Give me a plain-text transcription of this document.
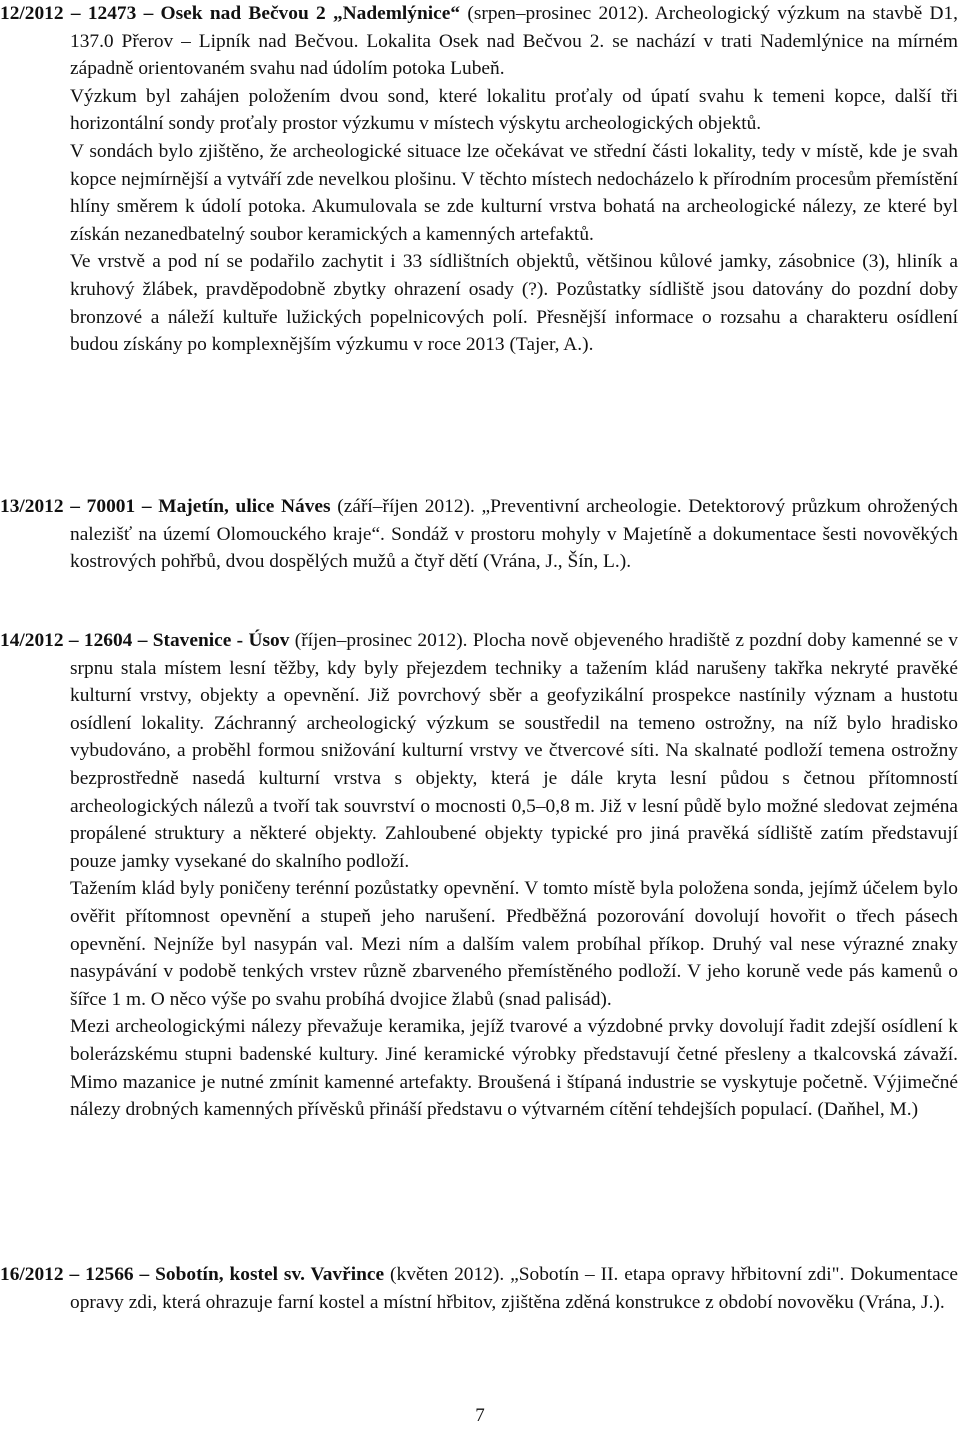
12/2012 – 12473 – Osek nad Bečvou 2 „Nademlýnice“ (srpen–prosinec 2012). Archeologický výzkum na stavbě D1, 137.0 Přerov – Lipník nad Bečvou. Lokalita Osek nad Bečvou 2. se nachází v trati Nademlýnice na mírném západně orientovaném svahu nad údolím potoka Lubeň.

Výzkum byl zahájen položením dvou sond, které lokalitu proťaly od úpatí svahu k temeni kopce, další tři horizontální sondy proťaly prostor výzkumu v místech výskytu archeologických objektů.

V sondách bylo zjištěno, že archeologické situace lze očekávat ve střední části lokality, tedy v místě, kde je svah kopce nejmírnější a vytváří zde nevelkou plošinu. V těchto místech nedocházelo k přírodním procesům přemístění hlíny směrem k údolí potoka. Akumulovala se zde kulturní vrstva bohatá na archeologické nálezy, ze které byl získán nezanedbatelný soubor keramických a kamenných artefaktů.

Ve vrstvě a pod ní se podařilo zachytit i 33 sídlištních objektů, většinou kůlové jamky, zásobnice (3), hliník a kruhový žlábek, pravděpodobně zbytky ohrazení osady (?). Pozůstatky sídliště jsou datovány do pozdní doby bronzové a náleží kultuře lužických popelnicových polí. Přesnější informace o rozsahu a charakteru osídlení budou získány po komplexnějším výzkumu v roce 2013 (Tajer, A.).

13/2012 – 70001 – Majetín, ulice Náves (září–říjen 2012). „Preventivní archeologie. Detektorový průzkum ohrožených nalezišť na území Olomouckého kraje“. Sondáž v prostoru mohyly v Majetíně a dokumentace šesti novověkých kostrových pohřbů, dvou dospělých mužů a čtyř dětí (Vrána, J., Šín, L.).

14/2012 – 12604 – Stavenice - Úsov (říjen–prosinec 2012). Plocha nově objeveného hradiště z pozdní doby kamenné se v srpnu stala místem lesní těžby, kdy byly přejezdem techniky a tažením klád narušeny takřka nekryté pravěké kulturní vrstvy, objekty a opevnění. Již povrchový sběr a geofyzikální prospekce nastínily význam a hustotu osídlení lokality. Záchranný archeologický výzkum se soustředil na temeno ostrožny, na níž bylo hradisko vybudováno, a proběhl formou snižování kulturní vrstvy ve čtvercové síti. Na skalnaté podloží temena ostrožny bezprostředně nasedá kulturní vrstva s objekty, která je dále kryta lesní půdou s četnou přítomností archeologických nálezů a tvoří tak souvrství o mocnosti 0,5–0,8 m. Již v lesní půdě bylo možné sledovat zejména propálené struktury a některé objekty. Zahloubené objekty typické pro jiná pravěká sídliště zatím představují pouze jamky vysekané do skalního podloží.

Tažením klád byly poničeny terénní pozůstatky opevnění. V tomto místě byla položena sonda, jejímž účelem bylo ověřit přítomnost opevnění a stupeň jeho narušení. Předběžná pozorování dovolují hovořit o třech pásech opevnění. Nejníže byl nasypán val. Mezi ním a dalším valem probíhal příkop. Druhý val nese výrazné znaky nasypávání v podobě tenkých vrstev různě zbarveného přemístěného podloží. V jeho koruně vede pás kamenů o šířce 1 m. O něco výše po svahu probíhá dvojice žlabů (snad palisád).

Mezi archeologickými nálezy převažuje keramika, jejíž tvarové a výzdobné prvky dovolují řadit zdejší osídlení k bolerázskému stupni badenské kultury. Jiné keramické výrobky představují četné přesleny a tkalcovská závaží. Mimo mazanice je nutné zmínit kamenné artefakty. Broušená i štípaná industrie se vyskytuje početně. Výjimečné nálezy drobných kamenných přívěsků přináší představu o výtvarném cítění tehdejších populací. (Daňhel, M.)

16/2012 – 12566 – Sobotín, kostel sv. Vavřince (květen 2012). „Sobotín – II. etapa opravy hřbitovní zdi". Dokumentace opravy zdi, která ohrazuje farní kostel a místní hřbitov, zjištěna zděná konstrukce z období novověku (Vrána, J.).

7
